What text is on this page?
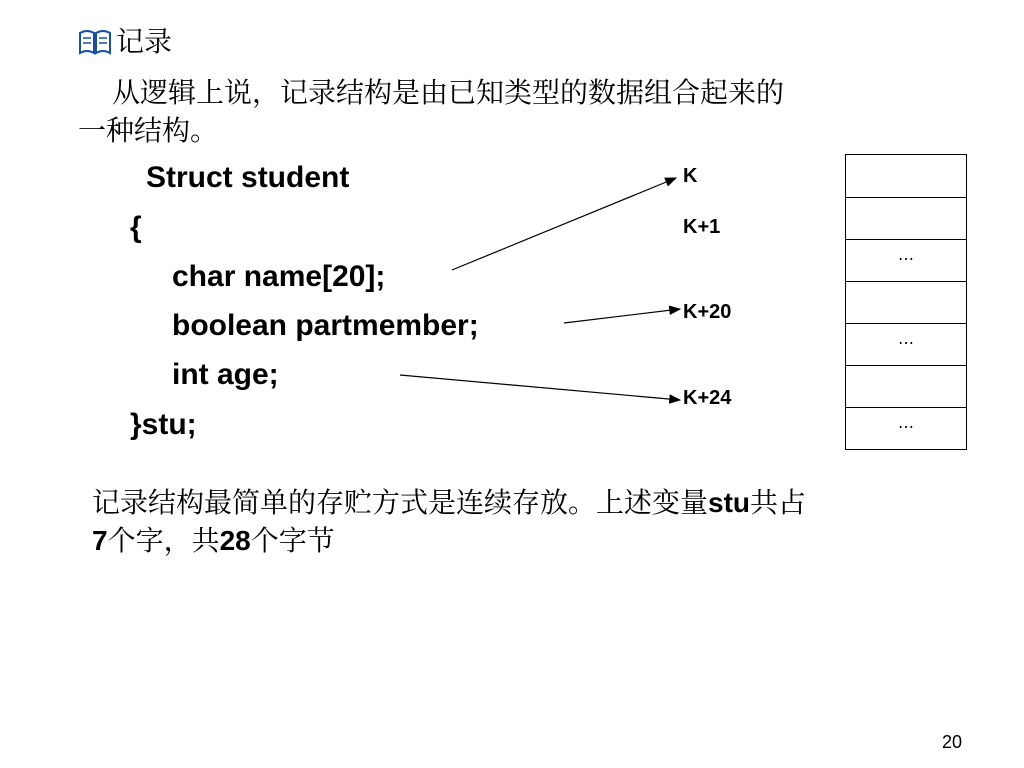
记录
从逻辑上说，记录结构是由已知类型的数据组合起来的
一种结构。
Struct student
{
char name[20];
boolean partmember;
int age;
}stu;
K
K+1
K+20
K+24
…
…
…
记录结构最简单的存贮方式是连续存放。上述变量stu共占
7个字，共28个字节
20
